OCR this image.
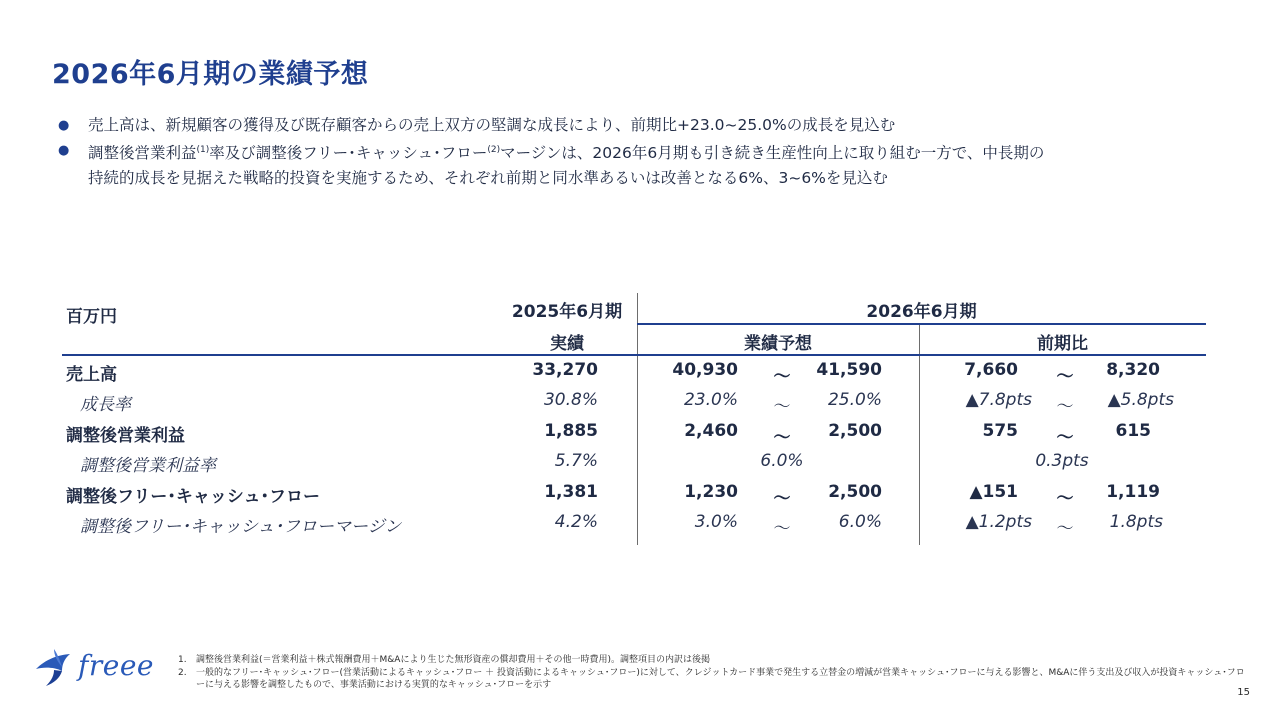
2026年6月期の業績予想
● 売上高は、新規顧客の獲得及び既存顧客からの売上双方の堅調な成長により、前期比+23.0~25.0%の成長を見込む
● 調整後営業利益$^{(1)}$率及び調整後フリー･キャッシュ･フロー$^{(2)}$マージンは、2026年6月期も引き続き生産性向上に取り組む一方で、中長期の
持続的成長を見据えた戦略的投資を実施するため、それぞれ前期と同水準あるいは改善となる6%、3~6%を見込む
百万円	2025年6月期	2026年6月期
実績	業績予想	前期比
売上高	33,270	40,930	～	41,590	7,660	～	8,320
成長率	30.8%	23.0%	～	25.0%	▲7.8pts	～	▲5.8pts
調整後営業利益	1,885	2,460	～	2,500	575	～	615
調整後営業利益率	5.7%	6.0%	0.3pts
調整後フリー･キャッシュ･フロー	1,381	1,230	～	2,500	▲151	～	1,119
調整後フリー･キャッシュ･フローマージン	4.2%	3.0%	～	6.0%	▲1.2pts	～	1.8pts
freee	1. 調整後営業利益(＝営業利益＋株式報酬費用＋M&Aにより生じた無形資産の償却費用＋その他一時費用)。調整項目の内訳は後掲
2. 一般的なフリー･キャッシュ･フロー(営業活動によるキャッシュ･フロー ＋ 投資活動によるキャッシュ･フロー)に対して、クレジットカード事業で発生する立替金の増減が営業キャッシュ･フローに与える影響と、M&Aに伴う支出及び収入が投資キャッシュ･フローに与える影響を調整したもので、事業活動における実質的なキャッシュ･フローを示す
15
